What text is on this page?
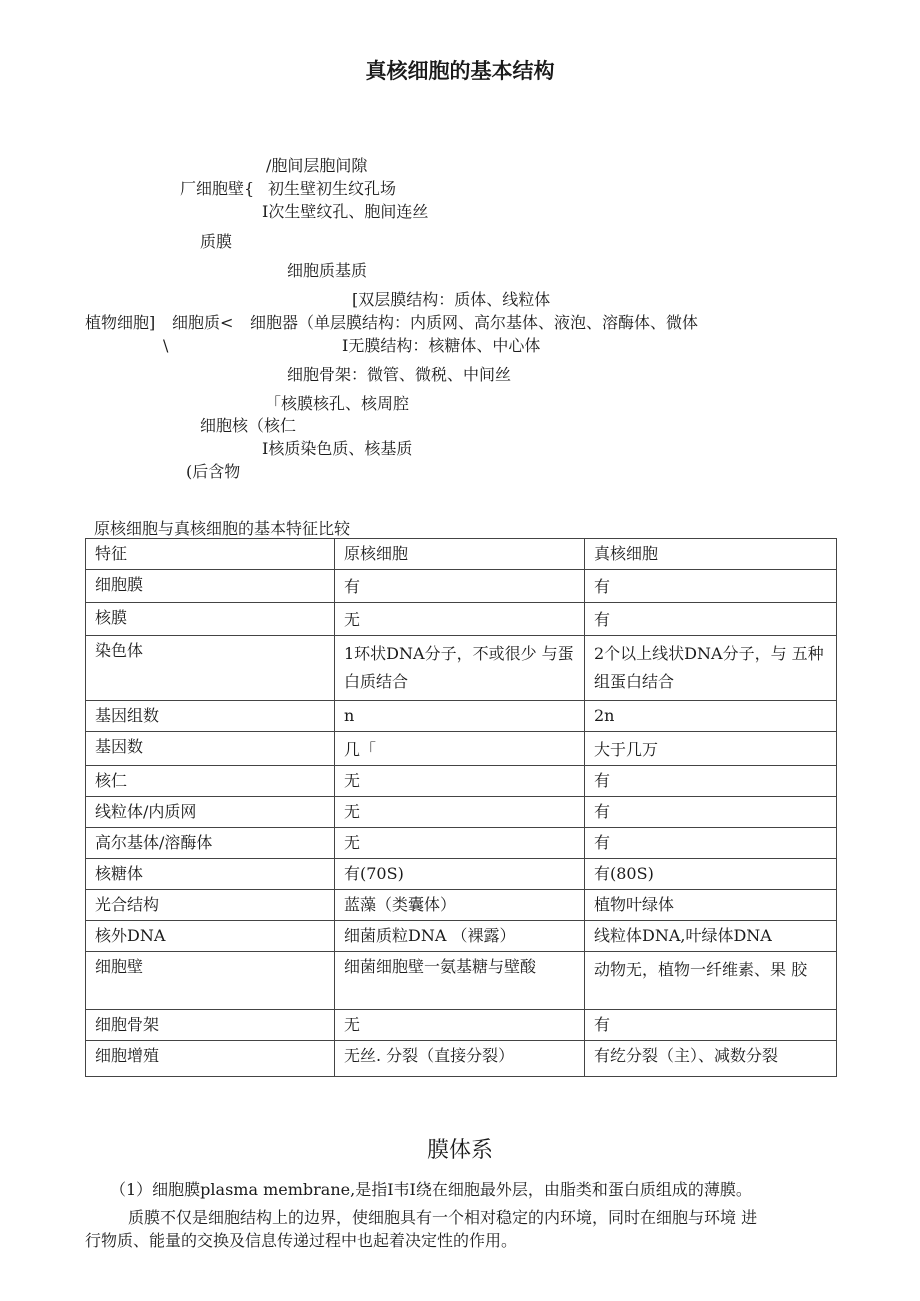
真核细胞的基本结构
/胞间层胞间隙
厂细胞壁{ 初生壁初生纹孔场
I次生壁纹孔、胞间连丝
质膜
细胞质基质
[双层膜结构：质体、线粒体
植物细胞] 细胞质< 细胞器（单层膜结构：内质网、高尔基体、液泡、溶酶体、微体
\	I无膜结构：核糖体、中心体
细胞骨架：微管、微税、中间丝
「核膜核孔、核周腔
细胞核（核仁
I核质染色质、核基质
(后含物
原核细胞与真核细胞的基本特征比较
特征	原核细胞	真核细胞
细胞膜	有	有
核膜	无	有
染色体	1环状DNA分子，不或很少 与蛋白质结合	2个以上线状DNA分子，与 五种组蛋白结合
基因组数	n	2n
基因数	几「	大于几万
核仁	无	有
线粒体/内质网	无	有
高尔基体/溶酶体	无	有
核糖体	有(70S)	有(80S)
光合结构	蓝藻（类囊体）	植物叶绿体
核外DNA	细菌质粒DNA （裸露）	线粒体DNA,叶绿体DNA
细胞壁	细菌细胞壁一氨基糖与壁酸	动物无，植物一纤维素、果 胶
细胞骨架	无	有
细胞增殖	无丝. 分裂（直接分裂）	有纥分裂（主）、减数分裂
膜体系
（1）细胞膜plasma membrane,是指I韦I绕在细胞最外层，由脂类和蛋白质组成的薄膜。
质膜不仅是细胞结构上的边界，使细胞具有一个相对稳定的内环境，同时在细胞与环境 进
行物质、能量的交换及信息传递过程中也起着决定性的作用。
